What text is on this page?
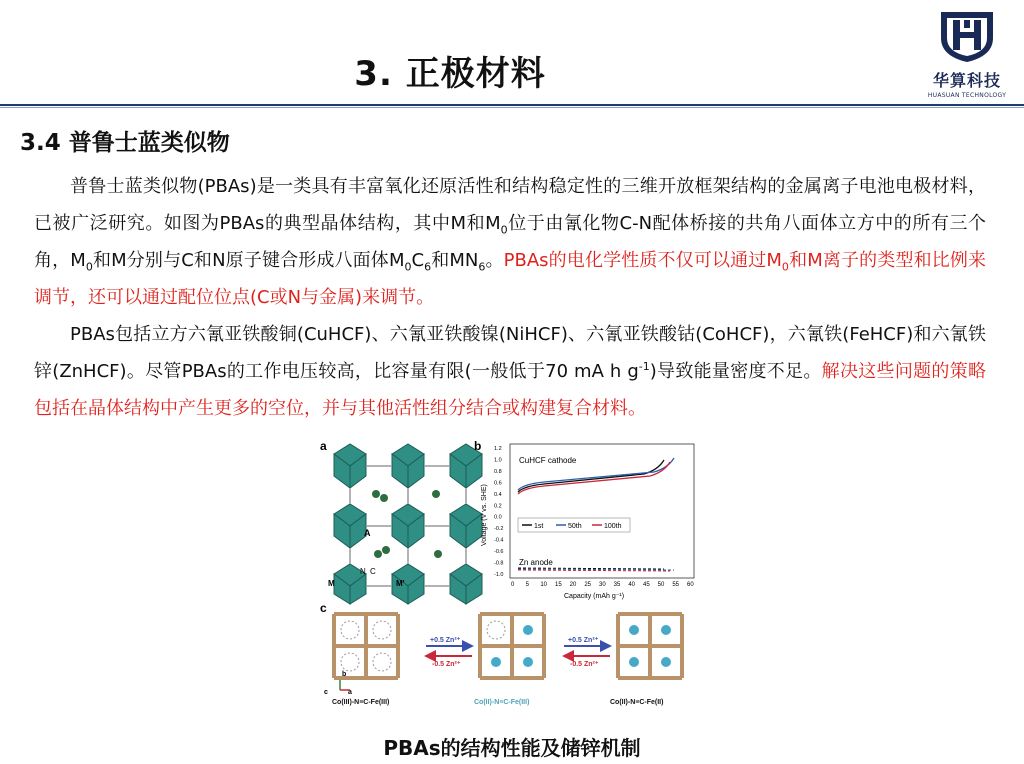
3. 正极材料	华算科技
HUASUAN TECHNOLOGY
3.4 普鲁士蓝类似物

普鲁士蓝类似物(PBAs)是一类具有丰富氧化还原活性和结构稳定性的三维开放框架结构的金属离子电池电极材料，已被广泛研究。如图为PBAs的典型晶体结构，其中M和$M_0$位于由氰化物C-N配体桥接的共角八面体立方中的所有三个角，$M_0$和M分别与C和N原子键合形成八面体$M_0C_6$和$MN_6$。PBAs的电化学性质不仅可以通过$M_0$和M离子的类型和比例来调节，还可以通过配位位点(C或N与金属)来调节。

PBAs包括立方六氰亚铁酸铜(CuHCF)、六氰亚铁酸镍(NiHCF)、六氰亚铁酸钴(CoHCF)，六氰铁(FeHCF)和六氰铁锌(ZnHCF)。尽管PBAs的工作电压较高，比容量有限(一般低于70 mA h $g^{-1}$)导致能量密度不足。解决这些问题的策略包括在晶体结构中产生更多的空位，并与其他活性组分结合或构建复合材料。

a
A
N C
M	M'
b
CuHCF cathode
Zn anode
Voltage (V vs. SHE)
Capacity (mAh g⁻¹)
0 5 10 15 20 25 30 35 40 45 50 55 60
1.2
1.0
0.8
0.6
0.4
0.2
0.0
-0.2
-0.4
-0.6
-0.8
-1.0
1st	50th	100th
c
b
c	a
+0.5 Zn²⁺
-0.5 Zn²⁺
+0.5 Zn²⁺
-0.5 Zn²⁺
Co(III)-N≡C-Fe(III)	Co(II)-N≡C-Fe(III)	Co(II)-N≡C-Fe(II)
PBAs的结构性能及储锌机制
